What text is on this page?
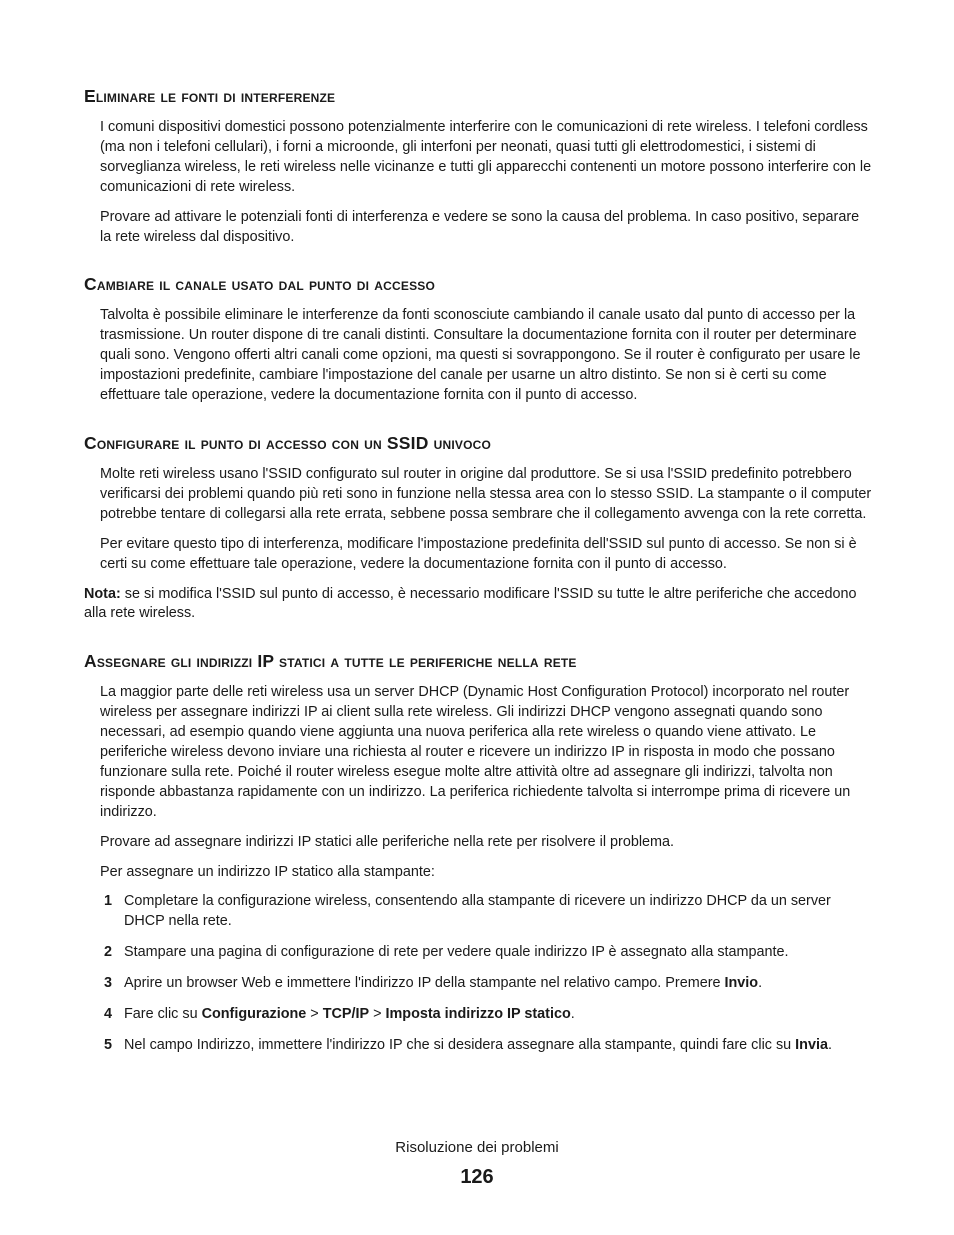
Eliminare le fonti di interferenze

I comuni dispositivi domestici possono potenzialmente interferire con le comunicazioni di rete wireless. I telefoni cordless (ma non i telefoni cellulari), i forni a microonde, gli interfoni per neonati, quasi tutti gli elettrodomestici, i sistemi di sorveglianza wireless, le reti wireless nelle vicinanze e tutti gli apparecchi contenenti un motore possono interferire con le comunicazioni di rete wireless.

Provare ad attivare le potenziali fonti di interferenza e vedere se sono la causa del problema. In caso positivo, separare la rete wireless dal dispositivo.

Cambiare il canale usato dal punto di accesso

Talvolta è possibile eliminare le interferenze da fonti sconosciute cambiando il canale usato dal punto di accesso per la trasmissione. Un router dispone di tre canali distinti. Consultare la documentazione fornita con il router per determinare quali sono. Vengono offerti altri canali come opzioni, ma questi si sovrappongono. Se il router è configurato per usare le impostazioni predefinite, cambiare l'impostazione del canale per usarne un altro distinto. Se non si è certi su come effettuare tale operazione, vedere la documentazione fornita con il punto di accesso.

Configurare il punto di accesso con un SSID univoco

Molte reti wireless usano l'SSID configurato sul router in origine dal produttore. Se si usa l'SSID predefinito potrebbero verificarsi dei problemi quando più reti sono in funzione nella stessa area con lo stesso SSID. La stampante o il computer potrebbe tentare di collegarsi alla rete errata, sebbene possa sembrare che il collegamento avvenga con la rete corretta.

Per evitare questo tipo di interferenza, modificare l'impostazione predefinita dell'SSID sul punto di accesso. Se non si è certi su come effettuare tale operazione, vedere la documentazione fornita con il punto di accesso.

Nota: se si modifica l'SSID sul punto di accesso, è necessario modificare l'SSID su tutte le altre periferiche che accedono alla rete wireless.

Assegnare gli indirizzi IP statici a tutte le periferiche nella rete

La maggior parte delle reti wireless usa un server DHCP (Dynamic Host Configuration Protocol) incorporato nel router wireless per assegnare indirizzi IP ai client sulla rete wireless. Gli indirizzi DHCP vengono assegnati quando sono necessari, ad esempio quando viene aggiunta una nuova periferica alla rete wireless o quando viene attivato. Le periferiche wireless devono inviare una richiesta al router e ricevere un indirizzo IP in risposta in modo che possano funzionare sulla rete. Poiché il router wireless esegue molte altre attività oltre ad assegnare gli indirizzi, talvolta non risponde abbastanza rapidamente con un indirizzo. La periferica richiedente talvolta si interrompe prima di ricevere un indirizzo.

Provare ad assegnare indirizzi IP statici alle periferiche nella rete per risolvere il problema.

Per assegnare un indirizzo IP statico alla stampante:

1 Completare la configurazione wireless, consentendo alla stampante di ricevere un indirizzo DHCP da un server DHCP nella rete.
2 Stampare una pagina di configurazione di rete per vedere quale indirizzo IP è assegnato alla stampante.
3 Aprire un browser Web e immettere l'indirizzo IP della stampante nel relativo campo. Premere Invio.
4 Fare clic su Configurazione > TCP/IP > Imposta indirizzo IP statico.
5 Nel campo Indirizzo, immettere l'indirizzo IP che si desidera assegnare alla stampante, quindi fare clic su Invia.
Risoluzione dei problemi
126
